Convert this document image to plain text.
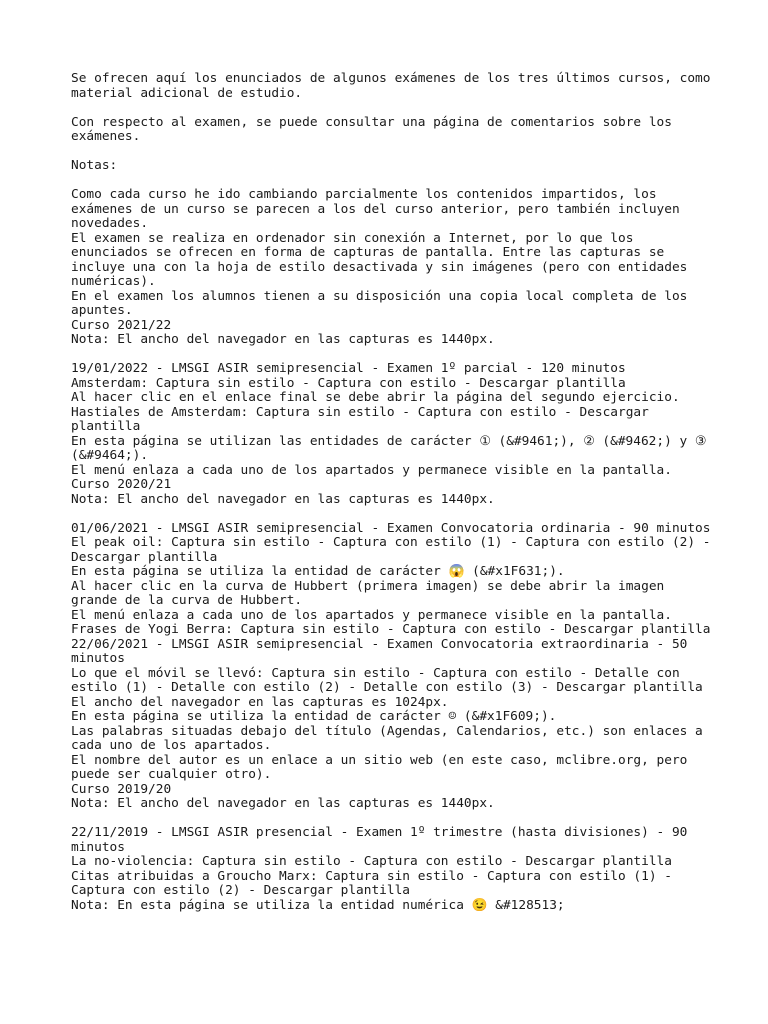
Se ofrecen aquí los enunciados de algunos exámenes de los tres últimos cursos, como
material adicional de estudio.
Con respecto al examen, se puede consultar una página de comentarios sobre los
exámenes.
Notas:
Como cada curso he ido cambiando parcialmente los contenidos impartidos, los
exámenes de un curso se parecen a los del curso anterior, pero también incluyen
novedades.
El examen se realiza en ordenador sin conexión a Internet, por lo que los
enunciados se ofrecen en forma de capturas de pantalla. Entre las capturas se
incluye una con la hoja de estilo desactivada y sin imágenes (pero con entidades
numéricas).
En el examen los alumnos tienen a su disposición una copia local completa de los
apuntes.
Curso 2021/22
Nota: El ancho del navegador en las capturas es 1440px.
19/01/2022 - LMSGI ASIR semipresencial - Examen 1º parcial - 120 minutos
Amsterdam: Captura sin estilo - Captura con estilo - Descargar plantilla
Al hacer clic en el enlace final se debe abrir la página del segundo ejercicio.
Hastiales de Amsterdam: Captura sin estilo - Captura con estilo - Descargar
plantilla
En esta página se utilizan las entidades de carácter ① (&#9461;), ② (&#9462;) y ③
(&#9464;).
El menú enlaza a cada uno de los apartados y permanece visible en la pantalla.
Curso 2020/21
Nota: El ancho del navegador en las capturas es 1440px.
01/06/2021 - LMSGI ASIR semipresencial - Examen Convocatoria ordinaria - 90 minutos
El peak oil: Captura sin estilo - Captura con estilo (1) - Captura con estilo (2) -
Descargar plantilla
En esta página se utiliza la entidad de carácter 😱 (&#x1F631;).
Al hacer clic en la curva de Hubbert (primera imagen) se debe abrir la imagen
grande de la curva de Hubbert.
El menú enlaza a cada uno de los apartados y permanece visible en la pantalla.
Frases de Yogi Berra: Captura sin estilo - Captura con estilo - Descargar plantilla
22/06/2021 - LMSGI ASIR semipresencial - Examen Convocatoria extraordinaria - 50
minutos
Lo que el móvil se llevó: Captura sin estilo - Captura con estilo - Detalle con
estilo (1) - Detalle con estilo (2) - Detalle con estilo (3) - Descargar plantilla
El ancho del navegador en las capturas es 1024px.
En esta página se utiliza la entidad de carácter ☺ (&#x1F609;).
Las palabras situadas debajo del título (Agendas, Calendarios, etc.) son enlaces a
cada uno de los apartados.
El nombre del autor es un enlace a un sitio web (en este caso, mclibre.org, pero
puede ser cualquier otro).
Curso 2019/20
Nota: El ancho del navegador en las capturas es 1440px.
22/11/2019 - LMSGI ASIR presencial - Examen 1º trimestre (hasta divisiones) - 90
minutos
La no-violencia: Captura sin estilo - Captura con estilo - Descargar plantilla
Citas atribuidas a Groucho Marx: Captura sin estilo - Captura con estilo (1) -
Captura con estilo (2) - Descargar plantilla
Nota: En esta página se utiliza la entidad numérica 😉 &#128513;
